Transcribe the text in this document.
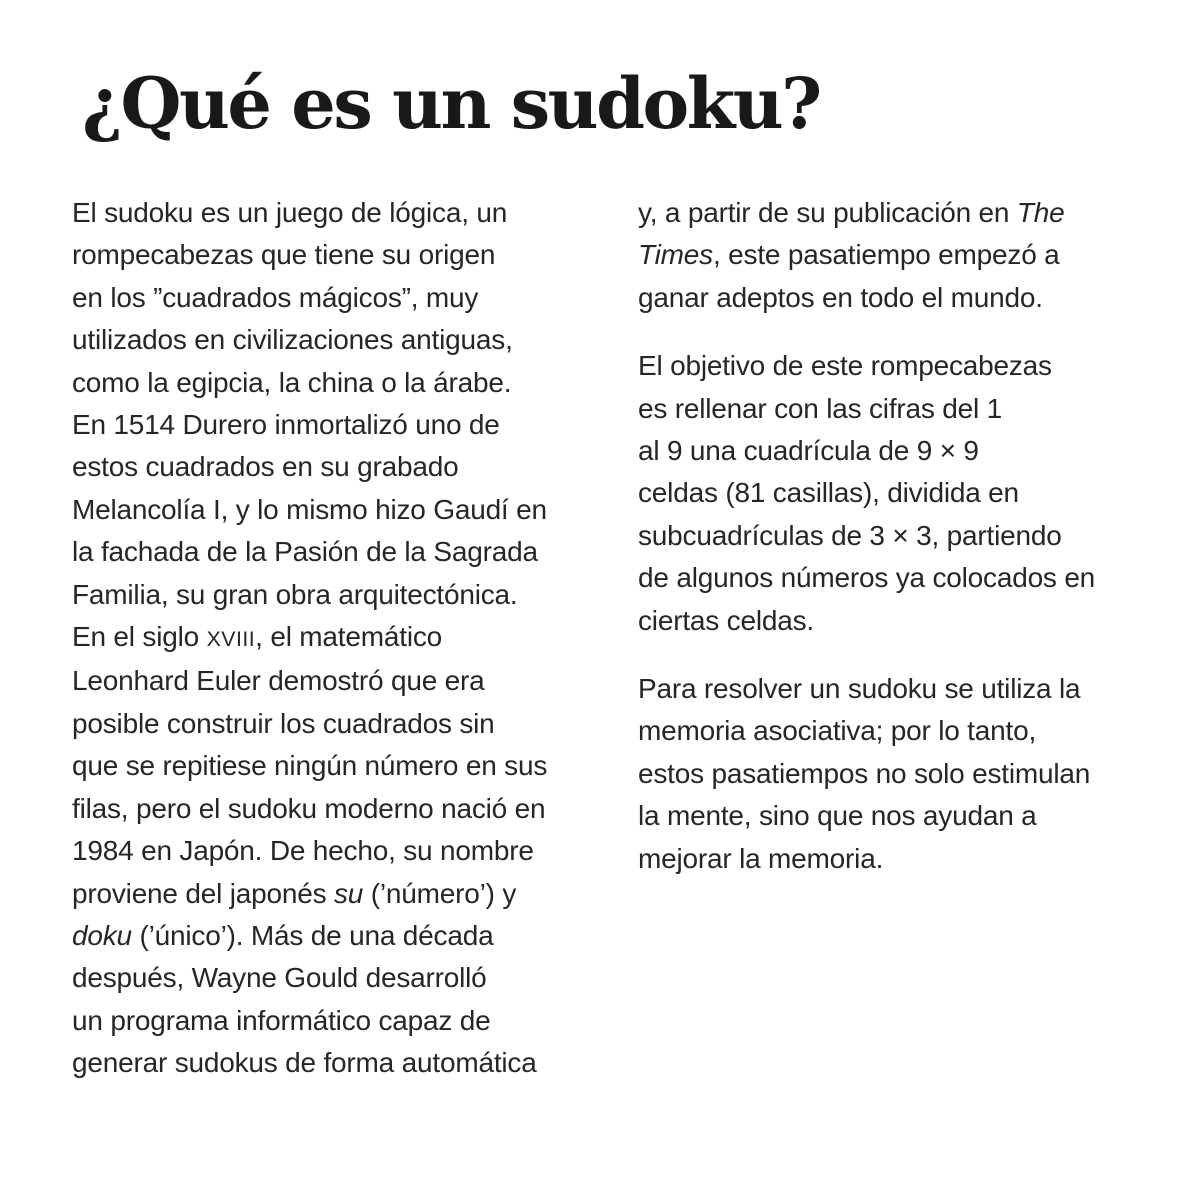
¿Qué es un sudoku?
El sudoku es un juego de lógica, un
rompecabezas que tiene su origen
en los ”cuadrados mágicos”, muy
utilizados en civilizaciones antiguas,
como la egipcia, la china o la árabe.
En 1514 Durero inmortalizó uno de
estos cuadrados en su grabado
Melancolía I, y lo mismo hizo Gaudí en
la fachada de la Pasión de la Sagrada
Familia, su gran obra arquitectónica.
En el siglo XVIII, el matemático
Leonhard Euler demostró que era
posible construir los cuadrados sin
que se repitiese ningún número en sus
filas, pero el sudoku moderno nació en
1984 en Japón. De hecho, su nombre
proviene del japonés su (’número’) y
doku (’único’). Más de una década
después, Wayne Gould desarrolló
un programa informático capaz de
generar sudokus de forma automática
y, a partir de su publicación en The
Times, este pasatiempo empezó a
ganar adeptos en todo el mundo.
El objetivo de este rompecabezas
es rellenar con las cifras del 1
al 9 una cuadrícula de 9 × 9
celdas (81 casillas), dividida en
subcuadrículas de 3 × 3, partiendo
de algunos números ya colocados en
ciertas celdas.
Para resolver un sudoku se utiliza la
memoria asociativa; por lo tanto,
estos pasatiempos no solo estimulan
la mente, sino que nos ayudan a
mejorar la memoria.
